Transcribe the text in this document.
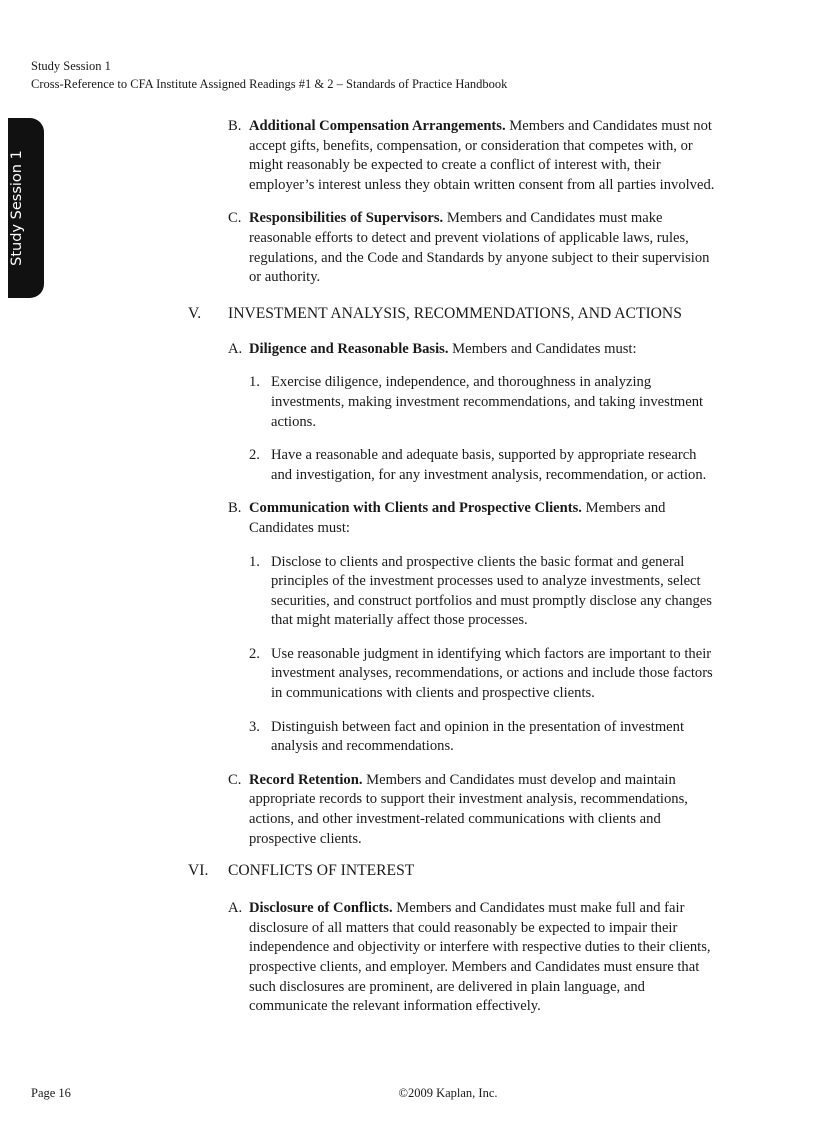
Study Session 1
Cross-Reference to CFA Institute Assigned Readings #1 & 2 – Standards of Practice Handbook
Study Session 1
B. Additional Compensation Arrangements. Members and Candidates must not accept gifts, benefits, compensation, or consideration that competes with, or might reasonably be expected to create a conflict of interest with, their employer’s interest unless they obtain written consent from all parties involved.
C. Responsibilities of Supervisors. Members and Candidates must make reasonable efforts to detect and prevent violations of applicable laws, rules, regulations, and the Code and Standards by anyone subject to their supervision or authority.
V. INVESTMENT ANALYSIS, RECOMMENDATIONS, AND ACTIONS
A. Diligence and Reasonable Basis. Members and Candidates must:
1. Exercise diligence, independence, and thoroughness in analyzing investments, making investment recommendations, and taking investment actions.
2. Have a reasonable and adequate basis, supported by appropriate research and investigation, for any investment analysis, recommendation, or action.
B. Communication with Clients and Prospective Clients. Members and Candidates must:
1. Disclose to clients and prospective clients the basic format and general principles of the investment processes used to analyze investments, select securities, and construct portfolios and must promptly disclose any changes that might materially affect those processes.
2. Use reasonable judgment in identifying which factors are important to their investment analyses, recommendations, or actions and include those factors in communications with clients and prospective clients.
3. Distinguish between fact and opinion in the presentation of investment analysis and recommendations.
C. Record Retention. Members and Candidates must develop and maintain appropriate records to support their investment analysis, recommendations, actions, and other investment-related communications with clients and prospective clients.
VI. CONFLICTS OF INTEREST
A. Disclosure of Conflicts. Members and Candidates must make full and fair disclosure of all matters that could reasonably be expected to impair their independence and objectivity or interfere with respective duties to their clients, prospective clients, and employer. Members and Candidates must ensure that such disclosures are prominent, are delivered in plain language, and communicate the relevant information effectively.
Page 16	©2009 Kaplan, Inc.
